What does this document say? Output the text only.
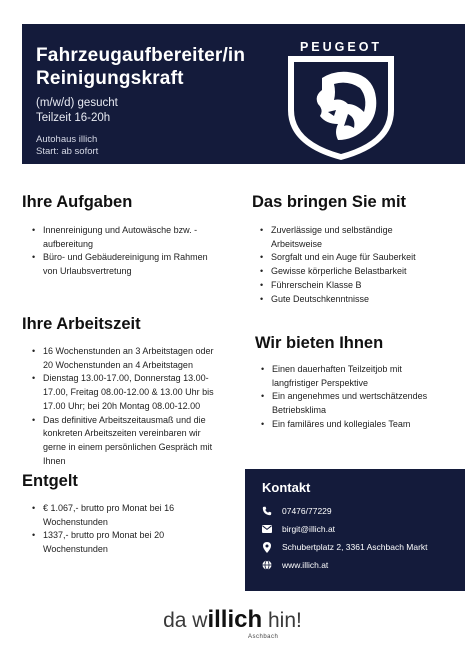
Fahrzeugaufbereiter/in
Reinigungskraft
(m/w/d) gesucht
Teilzeit 16-20h
Autohaus illich
Start: ab sofort
PEUGEOT
Ihre Aufgaben
• Innenreinigung und Autowäsche bzw. -
aufbereitung
• Büro- und Gebäudereinigung im Rahmen
von Urlaubsvertretung
Das bringen Sie mit
• Zuverlässige und selbständige
Arbeitsweise
• Sorgfalt und ein Auge für Sauberkeit
• Gewisse körperliche Belastbarkeit
• Führerschein Klasse B
• Gute Deutschkenntnisse
Ihre Arbeitszeit
• 16 Wochenstunden an 3 Arbeitstagen oder
20 Wochenstunden an 4 Arbeitstagen
• Dienstag 13.00-17.00, Donnerstag 13.00-
17.00, Freitag 08.00-12.00 & 13.00 Uhr bis
17.00 Uhr; bei 20h Montag 08.00-12.00
• Das definitive Arbeitszeitausmaß und die
konkreten Arbeitszeiten vereinbaren wir
gerne in einem persönlichen Gespräch mit
Ihnen
Wir bieten Ihnen
• Einen dauerhaften Teilzeitjob mit
langfristiger Perspektive
• Ein angenehmes und wertschätzendes
Betriebsklima
• Ein familäres und kollegiales Team
Entgelt
• € 1.067,- brutto pro Monat bei 16
Wochenstunden
• 1337,- brutto pro Monat bei 20
Wochenstunden
Kontakt
07476/77229
birgit@illich.at
Schubertplatz 2, 3361 Aschbach Markt
www.illich.at
da willich hin!
Aschbach
